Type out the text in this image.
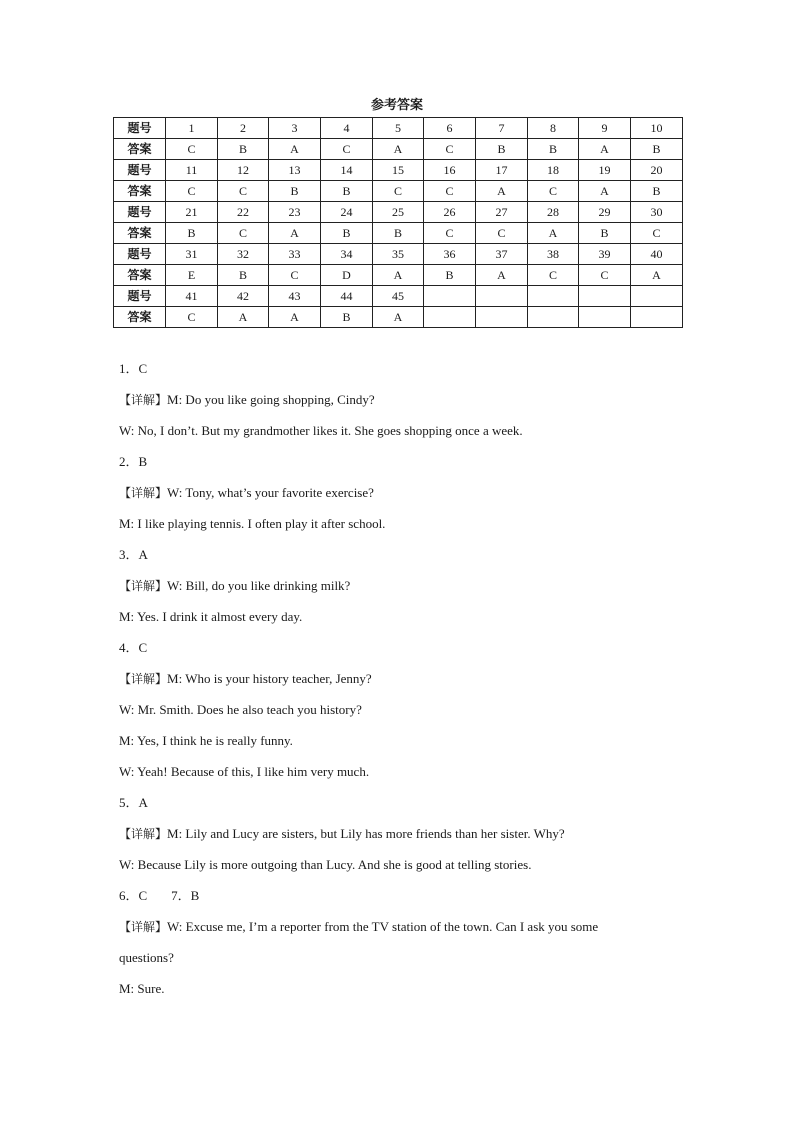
参考答案
题号	1	2	3	4	5	6	7	8	9	10
答案	C	B	A	C	A	C	B	B	A	B
题号	11	12	13	14	15	16	17	18	19	20
答案	C	C	B	B	C	C	A	C	A	B
题号	21	22	23	24	25	26	27	28	29	30
答案	B	C	A	B	B	C	C	A	B	C
题号	31	32	33	34	35	36	37	38	39	40
答案	E	B	C	D	A	B	A	C	C	A
题号	41	42	43	44	45					
答案	C	A	A	B	A					
1．C
【详解】M: Do you like going shopping, Cindy?
W: No, I don’t. But my grandmother likes it. She goes shopping once a week.
2．B
【详解】W: Tony, what’s your favorite exercise?
M: I like playing tennis. I often play it after school.
3．A
【详解】W: Bill, do you like drinking milk?
M: Yes. I drink it almost every day.
4．C
【详解】M: Who is your history teacher, Jenny?
W: Mr. Smith. Does he also teach you history?
M: Yes, I think he is really funny.
W: Yeah! Because of this, I like him very much.
5．A
【详解】M: Lily and Lucy are sisters, but Lily has more friends than her sister. Why?
W: Because Lily is more outgoing than Lucy. And she is good at telling stories.
6．C 7．B
【详解】W: Excuse me, I’m a reporter from the TV station of the town. Can I ask you some
questions?
M: Sure.
